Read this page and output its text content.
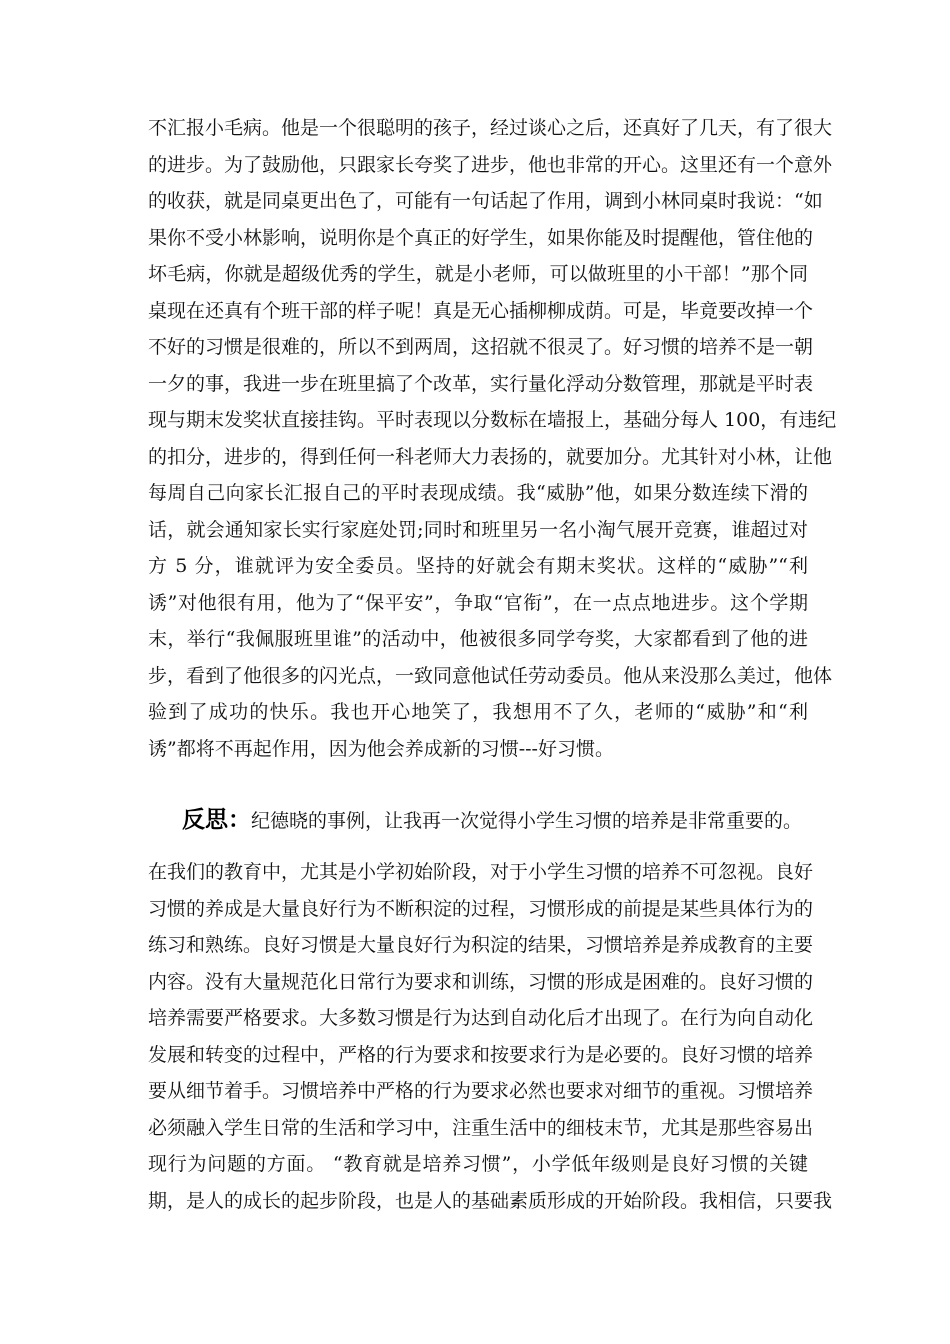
不汇报小毛病。他是一个很聪明的孩子，经过谈心之后，还真好了几天，有了很大
的进步。为了鼓励他，只跟家长夸奖了进步，他也非常的开心。这里还有一个意外
的收获，就是同桌更出色了，可能有一句话起了作用，调到小林同桌时我说：“如
果你不受小林影响，说明你是个真正的好学生，如果你能及时提醒他，管住他的
坏毛病，你就是超级优秀的学生，就是小老师，可以做班里的小干部！”那个同
桌现在还真有个班干部的样子呢！真是无心插柳柳成荫。可是，毕竟要改掉一个
不好的习惯是很难的，所以不到两周，这招就不很灵了。好习惯的培养不是一朝
一夕的事，我进一步在班里搞了个改革，实行量化浮动分数管理，那就是平时表
现与期末发奖状直接挂钩。平时表现以分数标在墙报上，基础分每人 100，有违纪
的扣分，进步的，得到任何一科老师大力表扬的，就要加分。尤其针对小林，让他
每周自己向家长汇报自己的平时表现成绩。我“威胁”他，如果分数连续下滑的
话，就会通知家长实行家庭处罚;同时和班里另一名小淘气展开竞赛，谁超过对
方 5 分，谁就评为安全委员。坚持的好就会有期末奖状。这样的“威胁”“利
诱”对他很有用，他为了“保平安”，争取“官衔”，在一点点地进步。这个学期
末，举行“我佩服班里谁”的活动中，他被很多同学夸奖，大家都看到了他的进
步，看到了他很多的闪光点，一致同意他试任劳动委员。他从来没那么美过，他体
验到了成功的快乐。我也开心地笑了，我想用不了久，老师的“威胁”和“利
诱”都将不再起作用，因为他会养成新的习惯---好习惯。
反思：纪德晓的事例，让我再一次觉得小学生习惯的培养是非常重要的。
在我们的教育中，尤其是小学初始阶段，对于小学生习惯的培养不可忽视。良好
习惯的养成是大量良好行为不断积淀的过程，习惯形成的前提是某些具体行为的
练习和熟练。良好习惯是大量良好行为积淀的结果，习惯培养是养成教育的主要
内容。没有大量规范化日常行为要求和训练，习惯的形成是困难的。良好习惯的
培养需要严格要求。大多数习惯是行为达到自动化后才出现了。在行为向自动化
发展和转变的过程中，严格的行为要求和按要求行为是必要的。良好习惯的培养
要从细节着手。习惯培养中严格的行为要求必然也要求对细节的重视。习惯培养
必须融入学生日常的生活和学习中，注重生活中的细枝末节，尤其是那些容易出
现行为问题的方面。 “教育就是培养习惯”，小学低年级则是良好习惯的关键
期，是人的成长的起步阶段，也是人的基础素质形成的开始阶段。我相信，只要我
